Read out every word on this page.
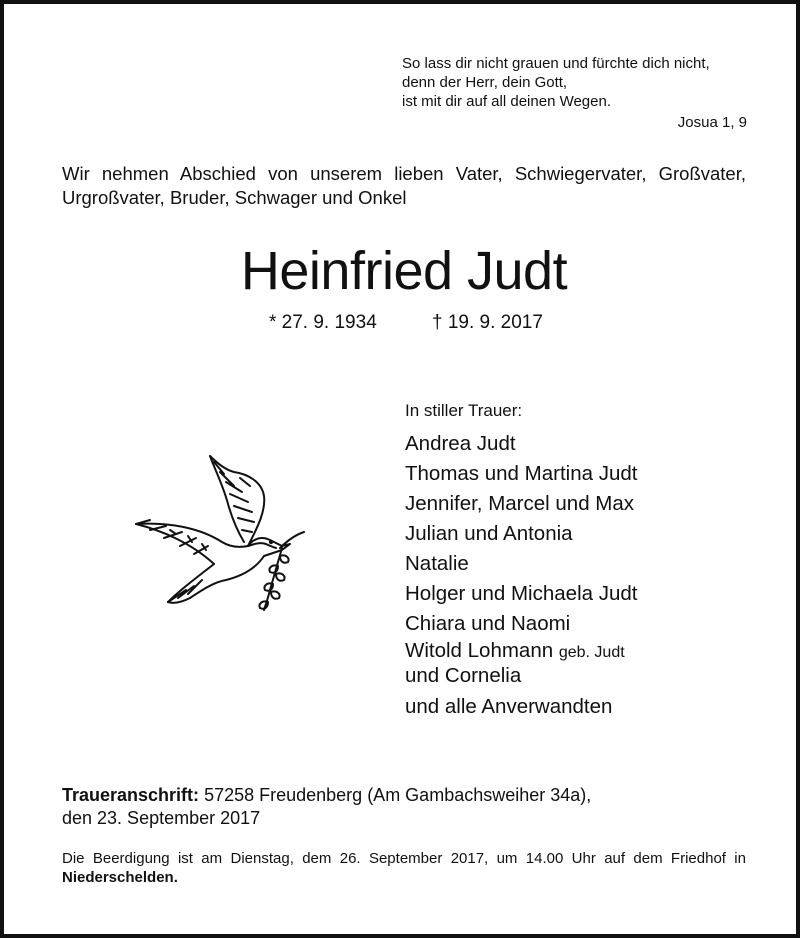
So lass dir nicht grauen und fürchte dich nicht,
denn der Herr, dein Gott,
ist mit dir auf all deinen Wegen.
Josua 1, 9
Wir nehmen Abschied von unserem lieben Vater, Schwiegervater, Großvater,
Urgroßvater, Bruder, Schwager und Onkel
Heinfried Judt
* 27. 9. 1934	† 19. 9. 2017
In stiller Trauer:
Andrea Judt
Thomas und Martina Judt
Jennifer, Marcel und Max
Julian und Antonia
Natalie
Holger und Michaela Judt
Chiara und Naomi
Witold Lohmann geb. Judt
und Cornelia
und alle Anverwandten
Traueranschrift: 57258 Freudenberg (Am Gambachsweiher 34a),
den 23. September 2017
Die Beerdigung ist am Dienstag, dem 26. September 2017, um 14.00 Uhr auf dem Friedhof in
Niederschelden.
